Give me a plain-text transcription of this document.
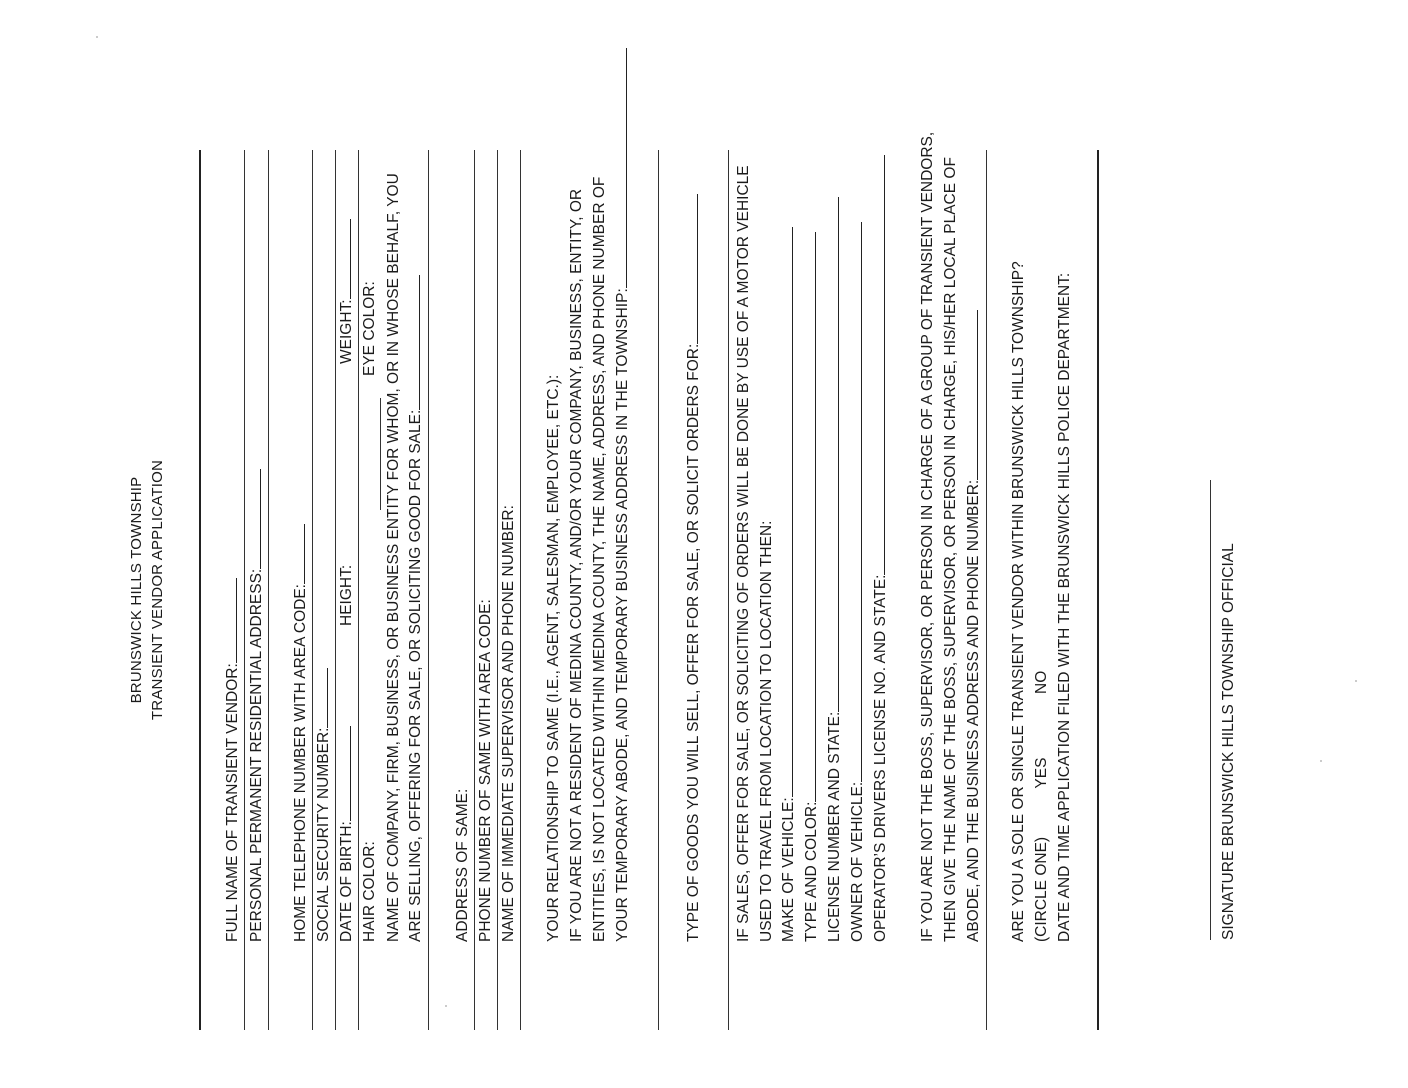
BRUNSWICK HILLS TOWNSHIP TRANSIENT VENDOR APPLICATION
FULL NAME OF TRANSIENT VENDOR: PERSONAL PERMANENT RESIDENTIAL ADDRESS: HOME TELEPHONE NUMBER WITH AREA CODE: SOCIAL SECURITY NUMBER: DATE OF BIRTH:
HEIGHT:
WEIGHT:
HAIR COLOR:
EYE COLOR: NAME OF COMPANY, FIRM, BUSINESS, OR BUSINESS ENTITY FOR WHOM, OR IN WHOSE BEHALF, YOU ARE SELLING, OFFERING FOR SALE, OR SOLICITING GOOD FOR SALE: ADDRESS OF SAME: PHONE NUMBER OF SAME WITH AREA CODE: NAME OF IMMEDIATE SUPERVISOR AND PHONE NUMBER: YOUR RELATIONSHIP TO SAME (I.E., AGENT, SALESMAN, EMPLOYEE, ETC.): IF YOU ARE NOT A RESIDENT OF MEDINA COUNTY, AND/OR YOUR COMPANY, BUSINESS, ENTITY, OR ENTITIES, IS NOT LOCATED WITHIN MEDINA COUNTY, THE NAME, ADDRESS, AND PHONE NUMBER OF YOUR TEMPORARY ABODE, AND TEMPORARY BUSINESS ADDRESS IN THE TOWNSHIP:	TYPE OF GOODS YOU WILL SELL, OFFER FOR SALE, OR SOLICIT ORDERS FOR: IF SALES, OFFER FOR SALE, OR SOLICITING OF ORDERS WILL BE DONE BY USE OF A MOTOR VEHICLE USED TO TRAVEL FROM LOCATION TO LOCATION THEN: MAKE OF VEHICLE: TYPE AND COLOR: LICENSE NUMBER AND STATE: OWNER OF VEHICLE: OPERATOR’S DRIVERS LICENSE NO. AND STATE: IF YOU ARE NOT THE BOSS, SUPERVISOR, OR PERSON IN CHARGE OF A GROUP OF TRANSIENT VENDORS, THEN GIVE THE NAME OF THE BOSS, SUPERVISOR, OR PERSON IN CHARGE, HIS/HER LOCAL PLACE OF ABODE, AND THE BUSINESS ADDRESS AND PHONE NUMBER: ARE YOU A SOLE OR SINGLE TRANSIENT VENDOR WITHIN BRUNSWICK HILLS TOWNSHIP? (CIRCLE ONE)  YES  NO DATE AND TIME APPLICATION FILED WITH THE BRUNSWICK HILLS POLICE DEPARTMENT:	SIGNATURE BRUNSWICK HILLS TOWNSHIP OFFICIAL
